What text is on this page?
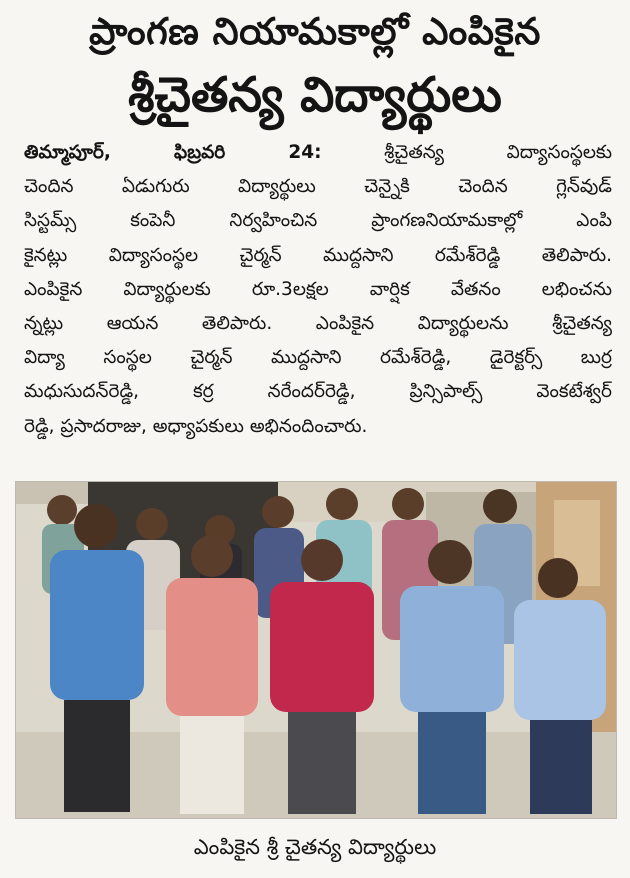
ప్రాంగణ నియామకాల్లో ఎంపికైన
శ్రీచైతన్య విద్యార్థులు
తిమ్మాపూర్, ఫిబ్రవరి 24: శ్రీచైతన్య విద్యాసంస్థలకు
చెందిన ఏడుగురు విద్యార్థులు చెన్నైకి చెందిన గ్లెన్‌వుడ్
సిస్టమ్స్ కంపెనీ నిర్వహించిన ప్రాంగణనియామకాల్లో ఎంపి
కైనట్లు విద్యాసంస్థల చైర్మన్ ముద్దసాని రమేశ్‌రెడ్డి తెలిపారు.
ఎంపికైన విద్యార్థులకు రూ.3లక్షల వార్షిక వేతనం లభించను
న్నట్లు ఆయన తెలిపారు. ఎంపికైన విద్యార్థులను శ్రీచైతన్య
విద్యా సంస్థల చైర్మన్ ముద్దసాని రమేశ్‌రెడ్డి, డైరెక్టర్స్ బుర్ర
మధుసుదన్‌రెడ్డి, కర్ర నరేందర్‌రెడ్డి, ప్రిన్సిపాల్స్ వెంకటేశ్వర్
రెడ్డి, ప్రసాదరాజు, అధ్యాపకులు అభినందించారు.
ఎంపికైన శ్రీ చైతన్య విద్యార్థులు
